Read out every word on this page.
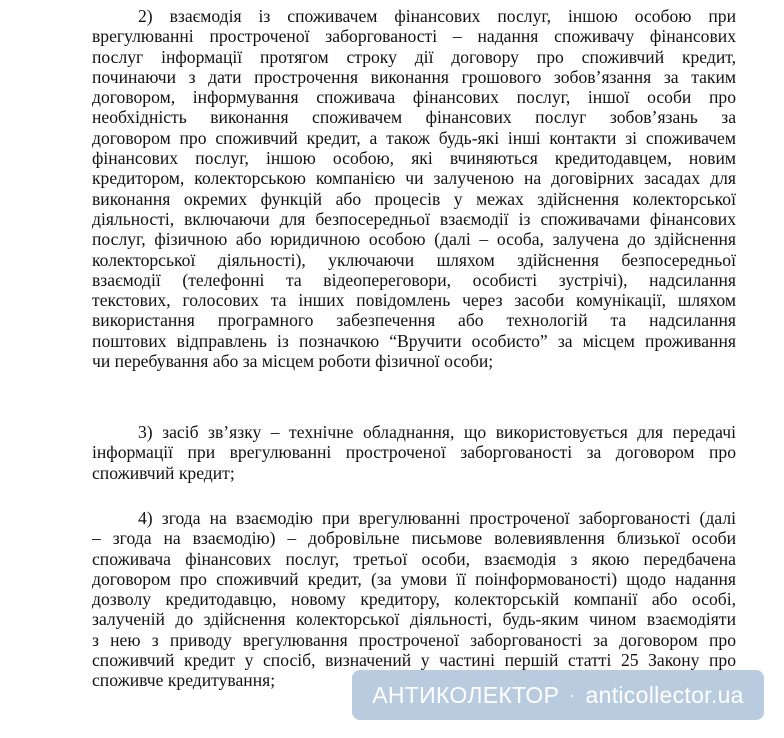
2) взаємодія із споживачем фінансових послуг, іншою особою при
врегулюванні простроченої заборгованості – надання споживачу фінансових
послуг інформації протягом строку дії договору про споживчий кредит,
починаючи з дати прострочення виконання грошового зобов’язання за таким
договором, інформування споживача фінансових послуг, іншої особи про
необхідність виконання споживачем фінансових послуг зобов’язань за
договором про споживчий кредит, а також будь-які інші контакти зі споживачем
фінансових послуг, іншою особою, які вчиняються кредитодавцем, новим
кредитором, колекторською компанією чи залученою на договірних засадах для
виконання окремих функцій або процесів у межах здійснення колекторської
діяльності, включаючи для безпосередньої взаємодії із споживачами фінансових
послуг, фізичною або юридичною особою (далі – особа, залучена до здійснення
колекторської діяльності), уключаючи шляхом здійснення безпосередньої
взаємодії (телефонні та відеопереговори, особисті зустрічі), надсилання
текстових, голосових та інших повідомлень через засоби комунікації, шляхом
використання програмного забезпечення або технологій та надсилання
поштових відправлень із позначкою “Вручити особисто” за місцем проживання
чи перебування або за місцем роботи фізичної особи;
3) засіб зв’язку – технічне обладнання, що використовується для передачі
інформації при врегулюванні простроченої заборгованості за договором про
споживчий кредит;
4) згода на взаємодію при врегулюванні простроченої заборгованості (далі
– згода на взаємодію) – добровільне письмове волевиявлення близької особи
споживача фінансових послуг, третьої особи, взаємодія з якою передбачена
договором про споживчий кредит, (за умови її поінформованості) щодо надання
дозволу кредитодавцю, новому кредитору, колекторській компанії або особі,
залученій до здійснення колекторської діяльності, будь-яким чином взаємодіяти
з нею з приводу врегулювання простроченої заборгованості за договором про
споживчий кредит у спосіб, визначений у частині першій статті 25 Закону про
споживче кредитування;
АНТИКОЛЕКТОР · anticollector.ua
